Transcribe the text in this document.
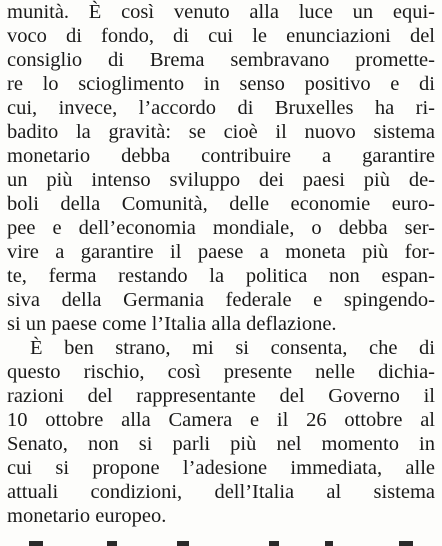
munità. È così venuto alla luce un equi-
voco di fondo, di cui le enunciazioni del
consiglio di Brema sembravano promette-
re lo scioglimento in senso positivo e di
cui, invece, l’accordo di Bruxelles ha ri-
badito la gravità: se cioè il nuovo sistema
monetario debba contribuire a garantire
un più intenso sviluppo dei paesi più de-
boli della Comunità, delle economie euro-
pee e dell’economia mondiale, o debba ser-
vire a garantire il paese a moneta più for-
te, ferma restando la politica non espan-
siva della Germania federale e spingendo-
si un paese come l’Italia alla deflazione.
È ben strano, mi si consenta, che di
questo rischio, così presente nelle dichia-
razioni del rappresentante del Governo il
10 ottobre alla Camera e il 26 ottobre al
Senato, non si parli più nel momento in
cui si propone l’adesione immediata, alle
attuali condizioni, dell’Italia al sistema
monetario europeo.
